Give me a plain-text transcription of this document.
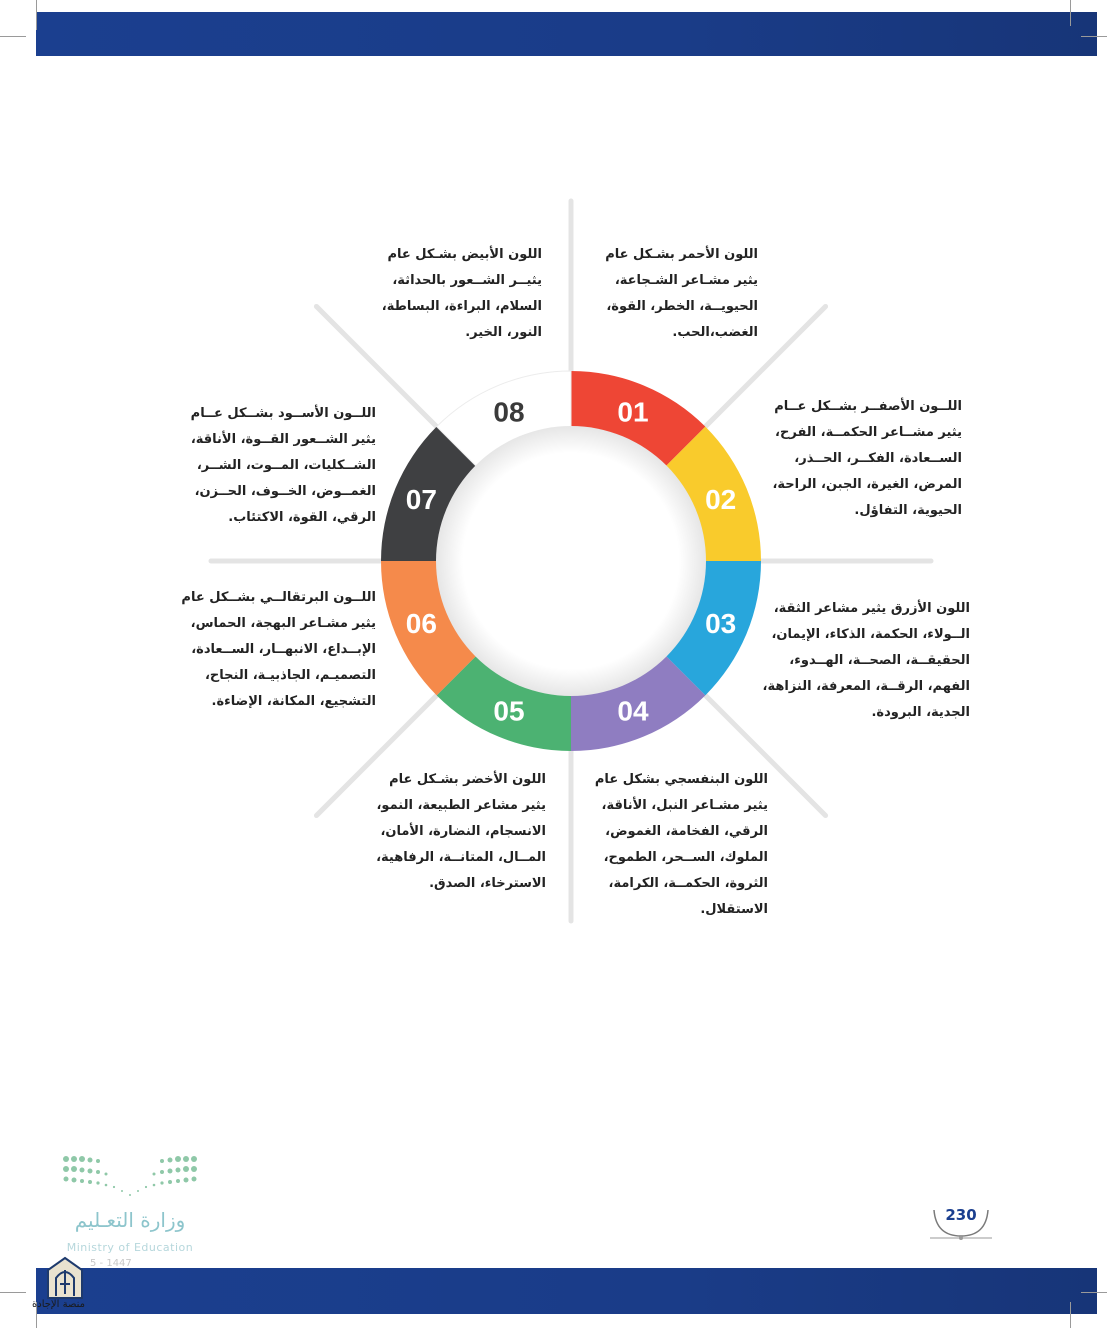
01
02
03
04
05
06
07
08
اللون الأحمر بشـكل عام
يثير مشـاعر الشـجاعة،
الحيويــة، الخطر، القوة،
الغضب،الحب.
اللــون الأصفــر بشــكل عــام
يثير مشــاعر الحكمــة، الفرح،
الســعادة، الفكــر، الحــذر،
المرض، الغيرة، الجبن، الراحة،
الحيوية، التفاؤل.
اللون الأزرق يثير مشاعر الثقة،
الــولاء، الحكمة، الذكاء، الإيمان،
الحقيقــة، الصحــة، الهــدوء،
الفهم، الرقــة، المعرفة، النزاهة،
الجدية، البرودة.
اللون البنفسجي بشكل عام
يثير مشـاعر النبل، الأناقة،
الرقي، الفخامة، الغموض،
الملوك، الســحر، الطموح،
الثروة، الحكمــة، الكرامة،
الاستقلال.
اللون الأخضر بشـكل عام
يثير مشاعر الطبيعة، النمو،
الانسجام، النضارة، الأمان،
المــال، المتانــة، الرفاهية،
الاسترخاء، الصدق.
اللــون البرتقالــي بشــكل عام
يثير مشـاعر البهجة، الحماس،
الإبــداع، الانبهــار، الســعادة،
التصميـم، الجاذبيـة، النجاح،
التشجيع، المكانة، الإضاءة.
اللــون الأســود بشــكل عــام
يثير الشــعور القــوة، الأناقة،
الشــكليات، المــوت، الشــر،
الغمــوض، الخــوف، الحــزن،
الرقي، القوة، الاكتئاب.
اللون الأبيض بشـكل عام
يثيــر الشــعور بالحداثة،
السلام، البراءة، البساطة،
النور، الخير.
وزارة التعـليم
Ministry of Education
5 - 1447
منصة الإجادة
230
